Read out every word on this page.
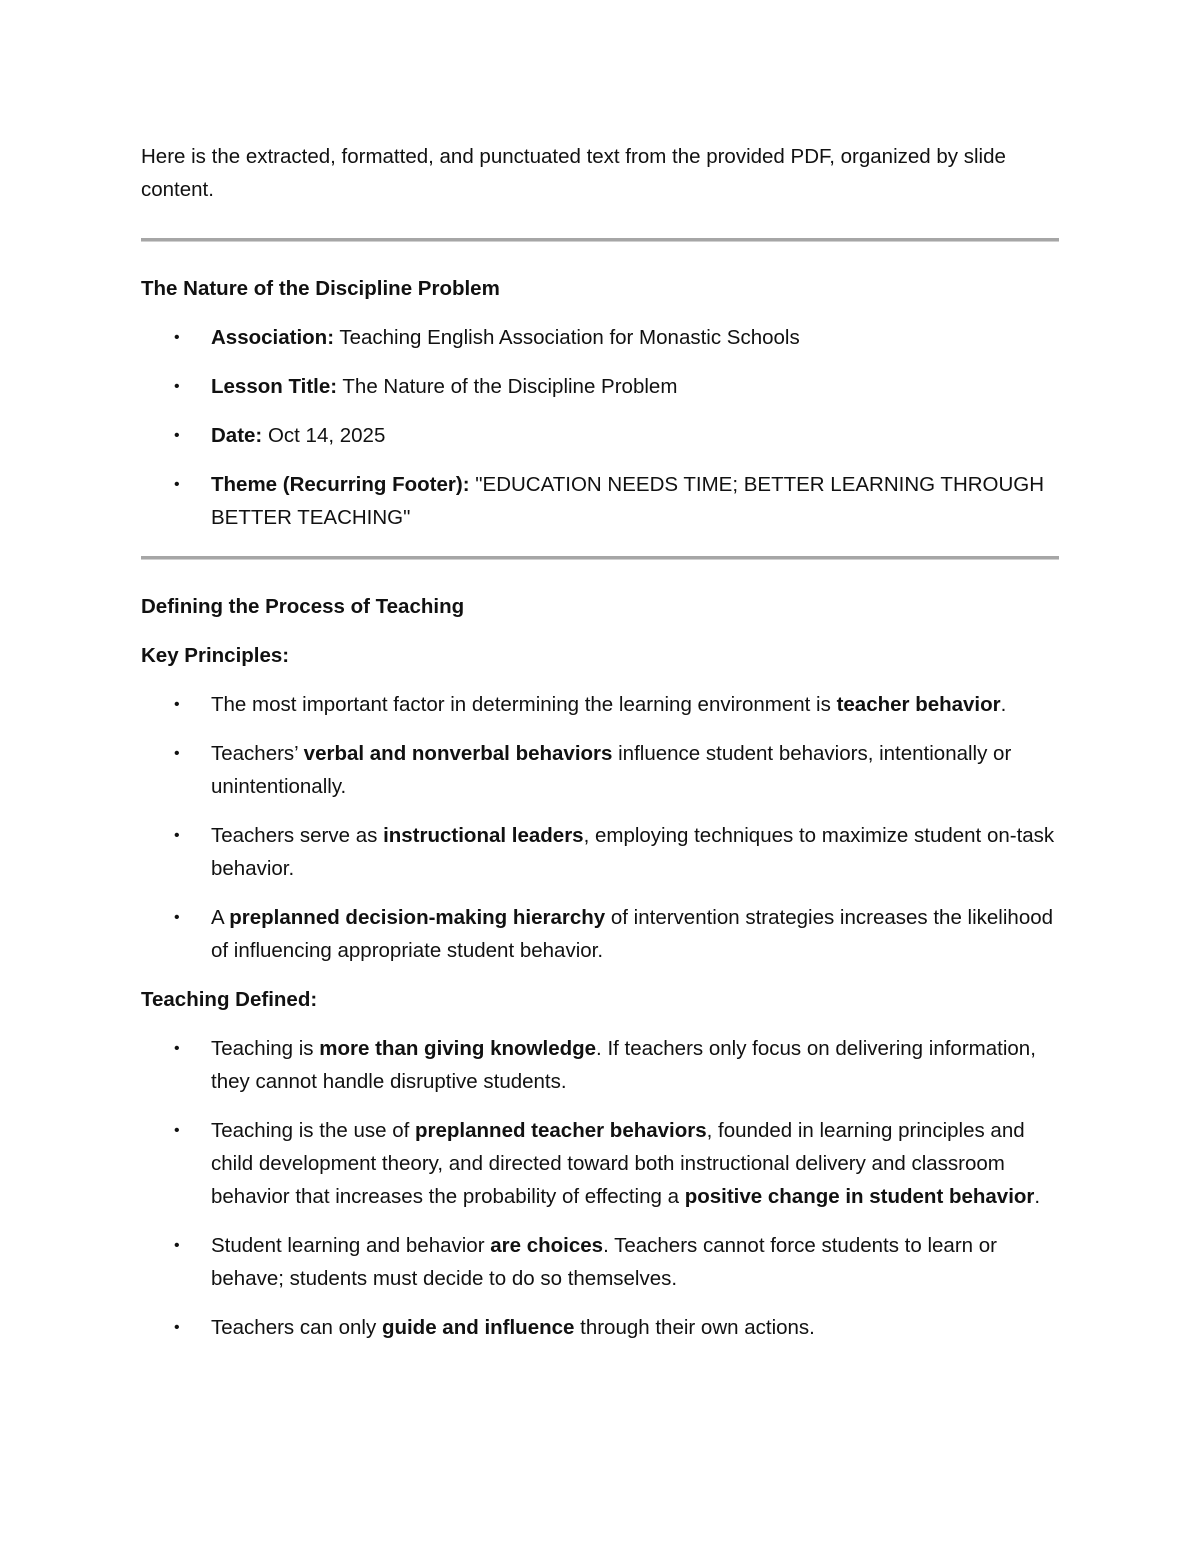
Here is the extracted, formatted, and punctuated text from the provided PDF, organized by slide
content.

The Nature of the Discipline Problem

• Association: Teaching English Association for Monastic Schools
• Lesson Title: The Nature of the Discipline Problem
• Date: Oct 14, 2025
• Theme (Recurring Footer): "EDUCATION NEEDS TIME; BETTER LEARNING THROUGH BETTER TEACHING"

Defining the Process of Teaching

Key Principles:

• The most important factor in determining the learning environment is teacher behavior.
• Teachers’ verbal and nonverbal behaviors influence student behaviors, intentionally or unintentionally.
• Teachers serve as instructional leaders, employing techniques to maximize student on-task behavior.
• A preplanned decision-making hierarchy of intervention strategies increases the likelihood of influencing appropriate student behavior.

Teaching Defined:

• Teaching is more than giving knowledge. If teachers only focus on delivering information, they cannot handle disruptive students.
• Teaching is the use of preplanned teacher behaviors, founded in learning principles and child development theory, and directed toward both instructional delivery and classroom behavior that increases the probability of effecting a positive change in student behavior.
• Student learning and behavior are choices. Teachers cannot force students to learn or behave; students must decide to do so themselves.
• Teachers can only guide and influence through their own actions.
